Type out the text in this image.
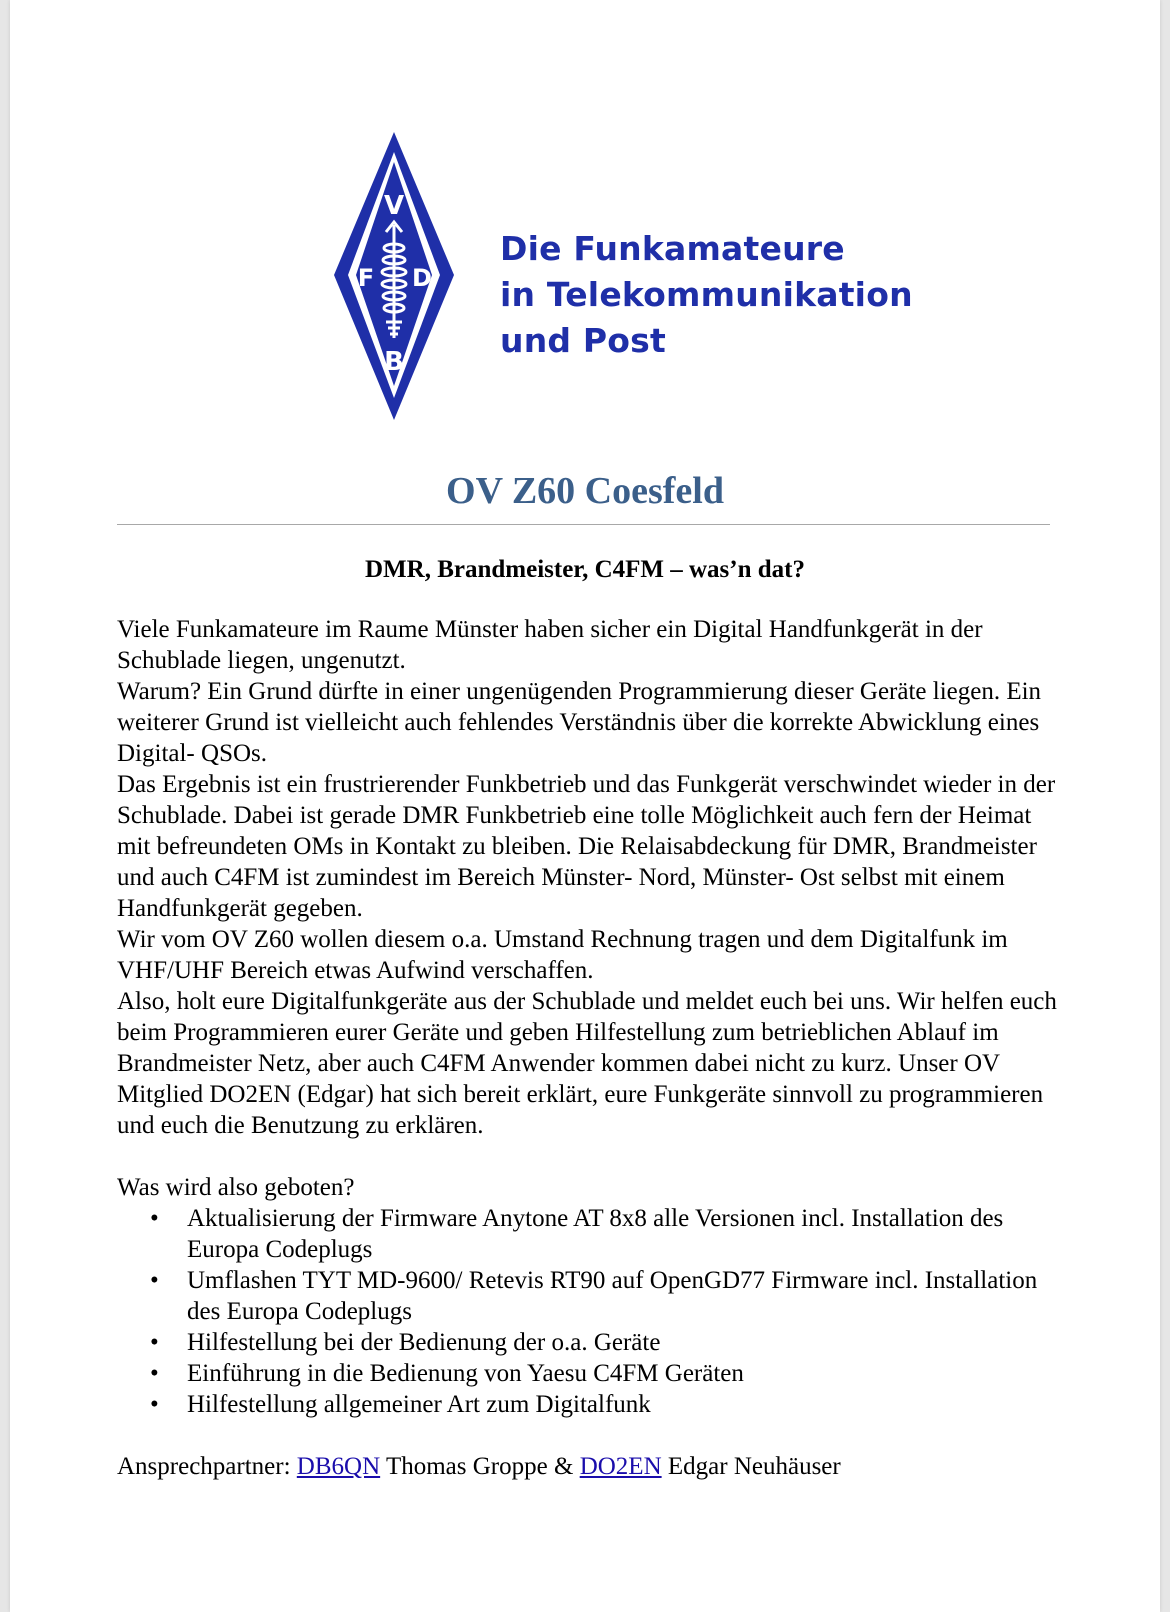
V
F D
B
Die Funkamateure
in Telekommunikation
und Post
OV Z60 Coesfeld
DMR, Brandmeister, C4FM – was’n dat?

Viele Funkamateure im Raume Münster haben sicher ein Digital Handfunkgerät in der Schublade liegen, ungenutzt.

Warum? Ein Grund dürfte in einer ungenügenden Programmierung dieser Geräte liegen. Ein weiterer Grund ist vielleicht auch fehlendes Verständnis über die korrekte Abwicklung eines Digital- QSOs.

Das Ergebnis ist ein frustrierender Funkbetrieb und das Funkgerät verschwindet wieder in der Schublade. Dabei ist gerade DMR Funkbetrieb eine tolle Möglichkeit auch fern der Heimat mit befreundeten OMs in Kontakt zu bleiben. Die Relaisabdeckung für DMR, Brandmeister und auch C4FM ist zumindest im Bereich Münster- Nord, Münster- Ost selbst mit einem Handfunkgerät gegeben.

Wir vom OV Z60 wollen diesem o.a. Umstand Rechnung tragen und dem Digitalfunk im VHF/UHF Bereich etwas Aufwind verschaffen.

Also, holt eure Digitalfunkgeräte aus der Schublade und meldet euch bei uns. Wir helfen euch beim Programmieren eurer Geräte und geben Hilfestellung zum betrieblichen Ablauf im Brandmeister Netz, aber auch C4FM Anwender kommen dabei nicht zu kurz. Unser OV Mitglied DO2EN (Edgar) hat sich bereit erklärt, eure Funkgeräte sinnvoll zu programmieren und euch die Benutzung zu erklären.

Was wird also geboten?

• Aktualisierung der Firmware Anytone AT 8x8 alle Versionen incl. Installation des Europa Codeplugs
• Umflashen TYT MD-9600/ Retevis RT90 auf OpenGD77 Firmware incl. Installation des Europa Codeplugs
• Hilfestellung bei der Bedienung der o.a. Geräte
• Einführung in die Bedienung von Yaesu C4FM Geräten
• Hilfestellung allgemeiner Art zum Digitalfunk

Ansprechpartner: DB6QN Thomas Groppe & DO2EN Edgar Neuhäuser
